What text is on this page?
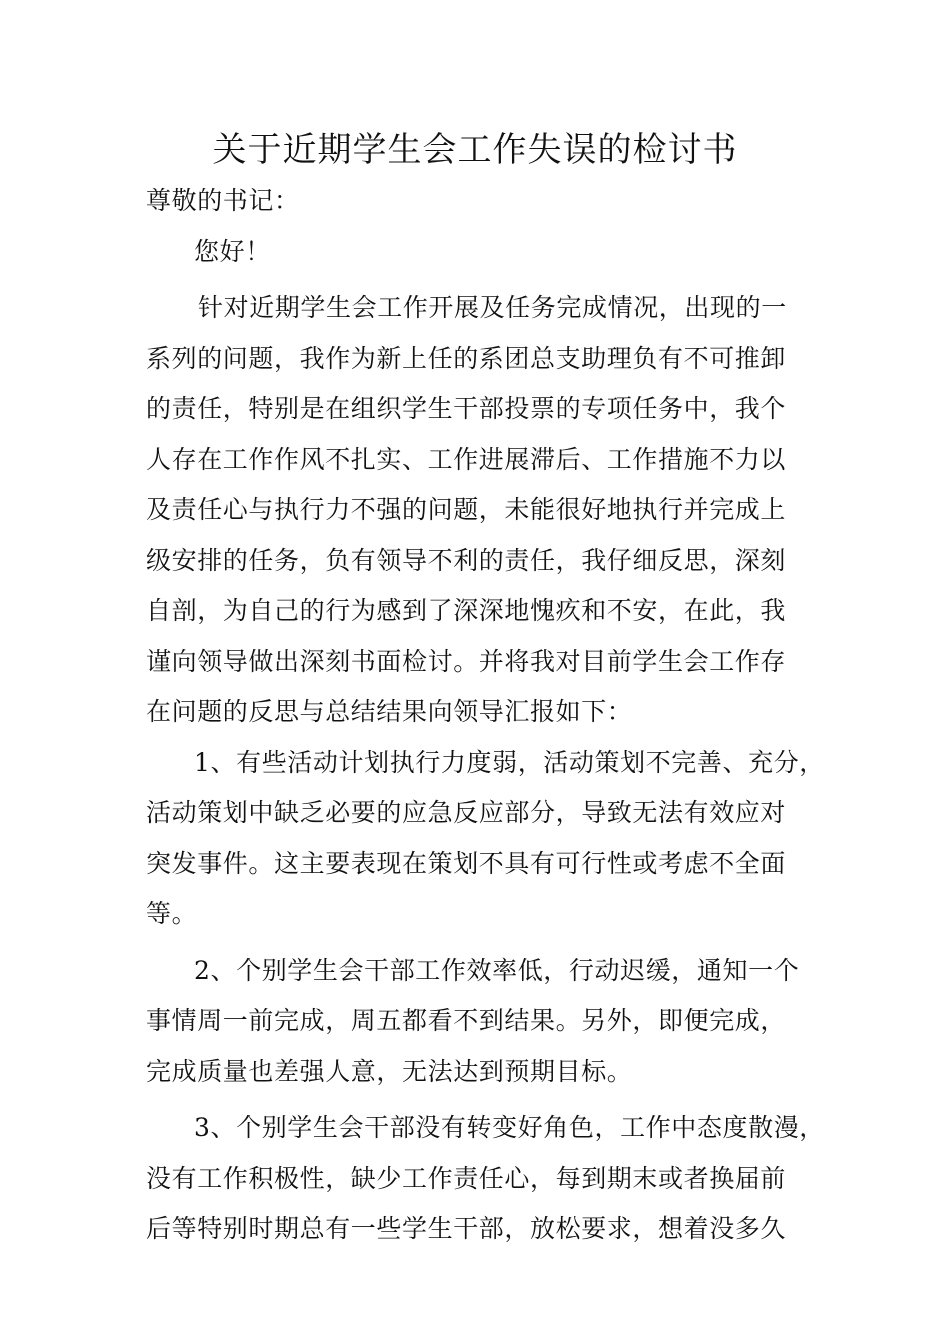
关于近期学生会工作失误的检讨书
尊敬的书记：
您好！
针对近期学生会工作开展及任务完成情况，出现的一
系列的问题，我作为新上任的系团总支助理负有不可推卸
的责任，特别是在组织学生干部投票的专项任务中，我个
人存在工作作风不扎实、工作进展滞后、工作措施不力以
及责任心与执行力不强的问题，未能很好地执行并完成上
级安排的任务，负有领导不利的责任，我仔细反思，深刻
自剖，为自己的行为感到了深深地愧疚和不安，在此，我
谨向领导做出深刻书面检讨。并将我对目前学生会工作存
在问题的反思与总结结果向领导汇报如下：
1、有些活动计划执行力度弱，活动策划不完善、充分，
活动策划中缺乏必要的应急反应部分，导致无法有效应对
突发事件。这主要表现在策划不具有可行性或考虑不全面
等。
2、个别学生会干部工作效率低，行动迟缓，通知一个
事情周一前完成，周五都看不到结果。另外，即便完成，
完成质量也差强人意，无法达到预期目标。
3、个别学生会干部没有转变好角色，工作中态度散漫，
没有工作积极性，缺少工作责任心，每到期末或者换届前
后等特别时期总有一些学生干部，放松要求，想着没多久
